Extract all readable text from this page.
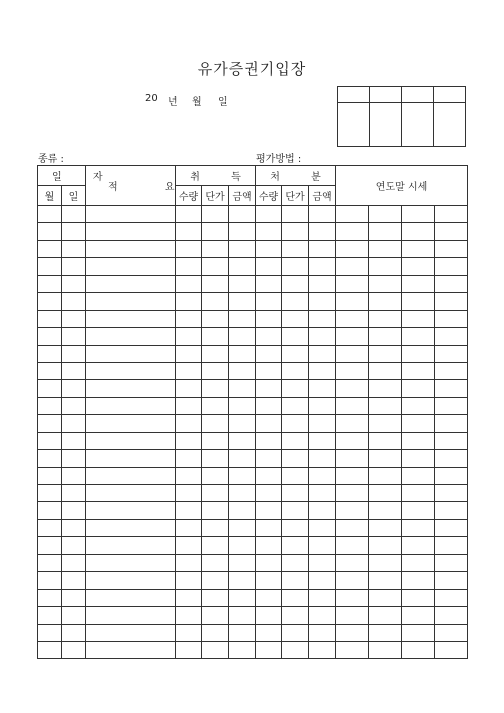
유가증권기입장
20 년 월 일

종류 :	평가방법 :
일 자		적 요	취 득			처 분			연도말 시세			
월	일		수량	단가	금액	수량	단가	금액				
